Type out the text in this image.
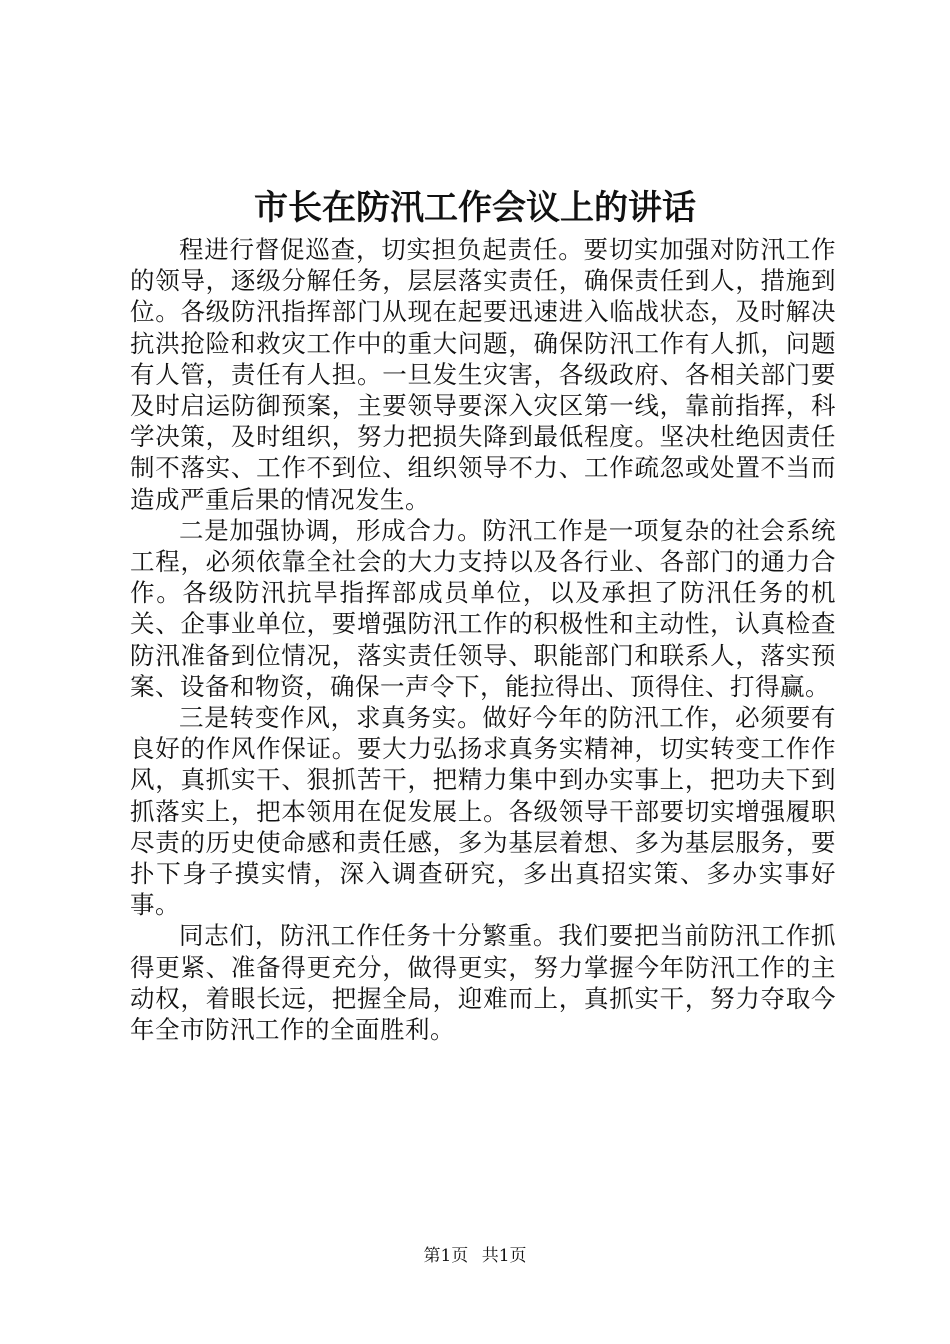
市长在防汛工作会议上的讲话

程进行督促巡查，切实担负起责任。要切实加强对防汛工作的领导，逐级分解任务，层层落实责任，确保责任到人，措施到位。各级防汛指挥部门从现在起要迅速进入临战状态，及时解决抗洪抢险和救灾工作中的重大问题，确保防汛工作有人抓，问题有人管，责任有人担。一旦发生灾害，各级政府、各相关部门要及时启运防御预案，主要领导要深入灾区第一线，靠前指挥，科学决策，及时组织，努力把损失降到最低程度。坚决杜绝因责任制不落实、工作不到位、组织领导不力、工作疏忽或处置不当而造成严重后果的情况发生。

二是加强协调，形成合力。防汛工作是一项复杂的社会系统工程，必须依靠全社会的大力支持以及各行业、各部门的通力合作。各级防汛抗旱指挥部成员单位，以及承担了防汛任务的机关、企事业单位，要增强防汛工作的积极性和主动性，认真检查防汛准备到位情况，落实责任领导、职能部门和联系人，落实预案、设备和物资，确保一声令下，能拉得出、顶得住、打得赢。

三是转变作风，求真务实。做好今年的防汛工作，必须要有良好的作风作保证。要大力弘扬求真务实精神，切实转变工作作风，真抓实干、狠抓苦干，把精力集中到办实事上，把功夫下到抓落实上，把本领用在促发展上。各级领导干部要切实增强履职尽责的历史使命感和责任感，多为基层着想、多为基层服务，要扑下身子摸实情，深入调查研究，多出真招实策、多办实事好事。

同志们，防汛工作任务十分繁重。我们要把当前防汛工作抓得更紧、准备得更充分，做得更实，努力掌握今年防汛工作的主动权，着眼长远，把握全局，迎难而上，真抓实干，努力夺取今年全市防汛工作的全面胜利。

第1页 共1页
